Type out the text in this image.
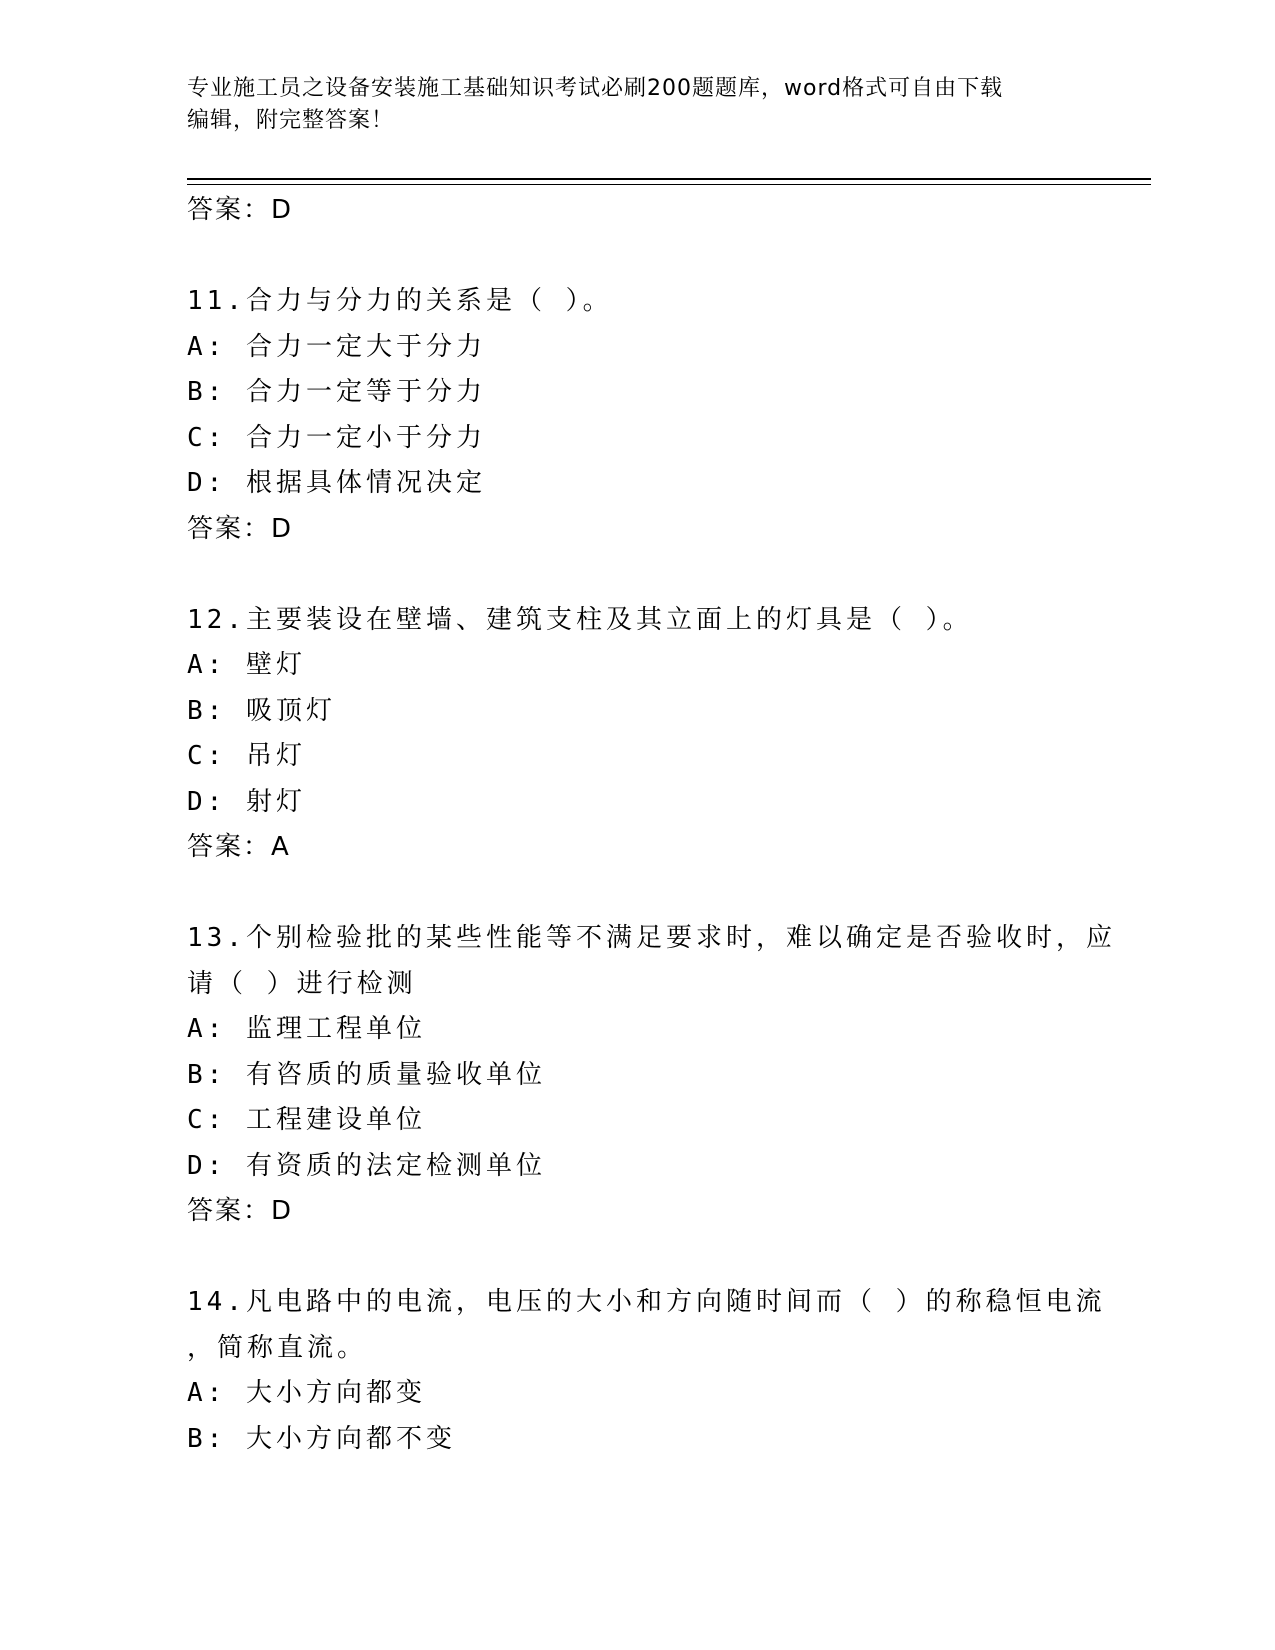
专业施工员之设备安装施工基础知识考试必刷200题题库，word格式可自由下载
编辑，附完整答案！
答案：D
11.合力与分力的关系是（ ）。
A: 合力一定大于分力
B: 合力一定等于分力
C: 合力一定小于分力
D: 根据具体情况决定
答案：D
12.主要装设在壁墙、建筑支柱及其立面上的灯具是（ ）。
A: 壁灯
B: 吸顶灯
C: 吊灯
D: 射灯
答案：A
13.个别检验批的某些性能等不满足要求时，难以确定是否验收时，应
请（ ）进行检测
A: 监理工程单位
B: 有咨质的质量验收单位
C: 工程建设单位
D: 有资质的法定检测单位
答案：D
14.凡电路中的电流，电压的大小和方向随时间而（ ）的称稳恒电流
，简称直流。
A: 大小方向都变
B: 大小方向都不变
